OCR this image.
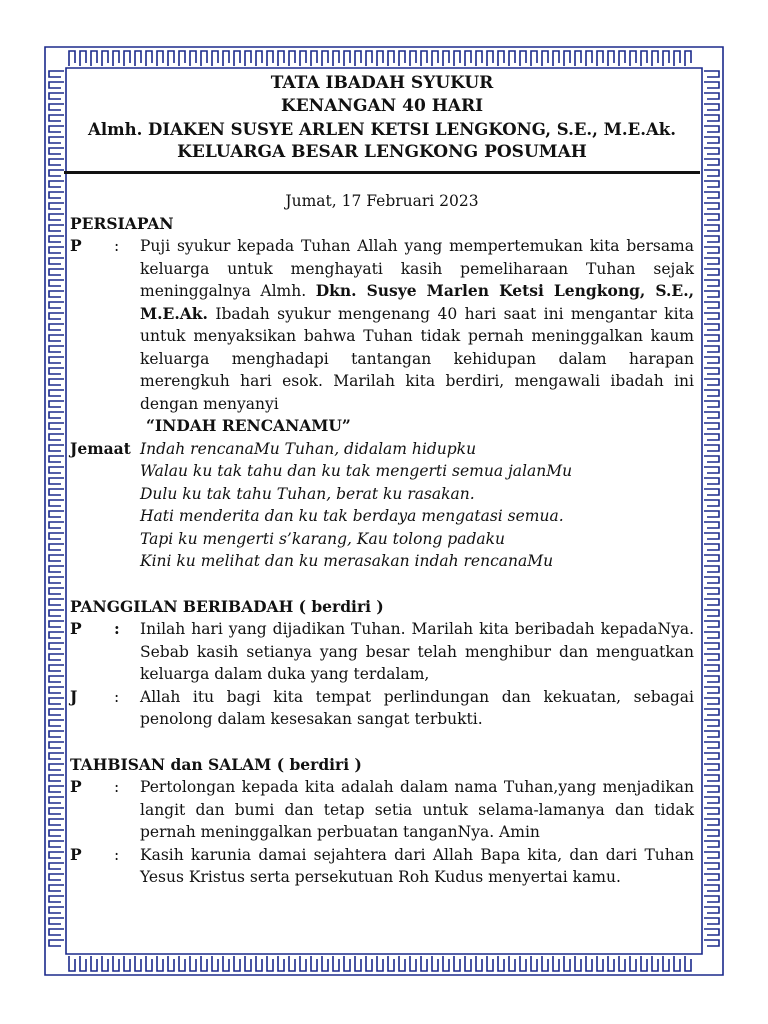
TATA IBADAH SYUKUR
KENANGAN 40 HARI
Almh. DIAKEN SUSYE ARLEN KETSI LENGKONG, S.E., M.E.Ak.
KELUARGA BESAR LENGKONG POSUMAH
Jumat, 17 Februari 2023
PERSIAPAN
P	:	Puji syukur kepada Tuhan Allah yang mempertemukan kita bersama keluarga untuk menghayati kasih pemeliharaan Tuhan sejak meninggalnya Almh. Dkn. Susye Marlen Ketsi Lengkong, S.E., M.E.Ak. Ibadah syukur mengenang 40 hari saat ini mengantar kita untuk menyaksikan bahwa Tuhan tidak pernah meninggalkan kaum keluarga menghadapi tantangan kehidupan dalam harapan merengkuh hari esok. Marilah kita berdiri, mengawali ibadah ini dengan menyanyi
“INDAH RENCANAMU”
Jemaat Indah rencanaMu Tuhan, didalam hidupku
Walau ku tak tahu dan ku tak mengerti semua jalanMu
Dulu ku tak tahu Tuhan, berat ku rasakan.
Hati menderita dan ku tak berdaya mengatasi semua.
Tapi ku mengerti s’karang, Kau tolong padaku
Kini ku melihat dan ku merasakan indah rencanaMu
PANGGILAN BERIBADAH ( berdiri )
P	:	Inilah hari yang dijadikan Tuhan. Marilah kita beribadah kepadaNya. Sebab kasih setianya yang besar telah menghibur dan menguatkan keluarga dalam duka yang terdalam,
J	:	Allah itu bagi kita tempat perlindungan dan kekuatan, sebagai penolong dalam kesesakan sangat terbukti.
TAHBISAN dan SALAM ( berdiri )
P	:	Pertolongan kepada kita adalah dalam nama Tuhan,yang menjadikan langit dan bumi dan tetap setia untuk selama-lamanya dan tidak pernah meninggalkan perbuatan tanganNya. Amin
P	:	Kasih karunia damai sejahtera dari Allah Bapa kita, dan dari Tuhan Yesus Kristus serta persekutuan Roh Kudus menyertai kamu.
